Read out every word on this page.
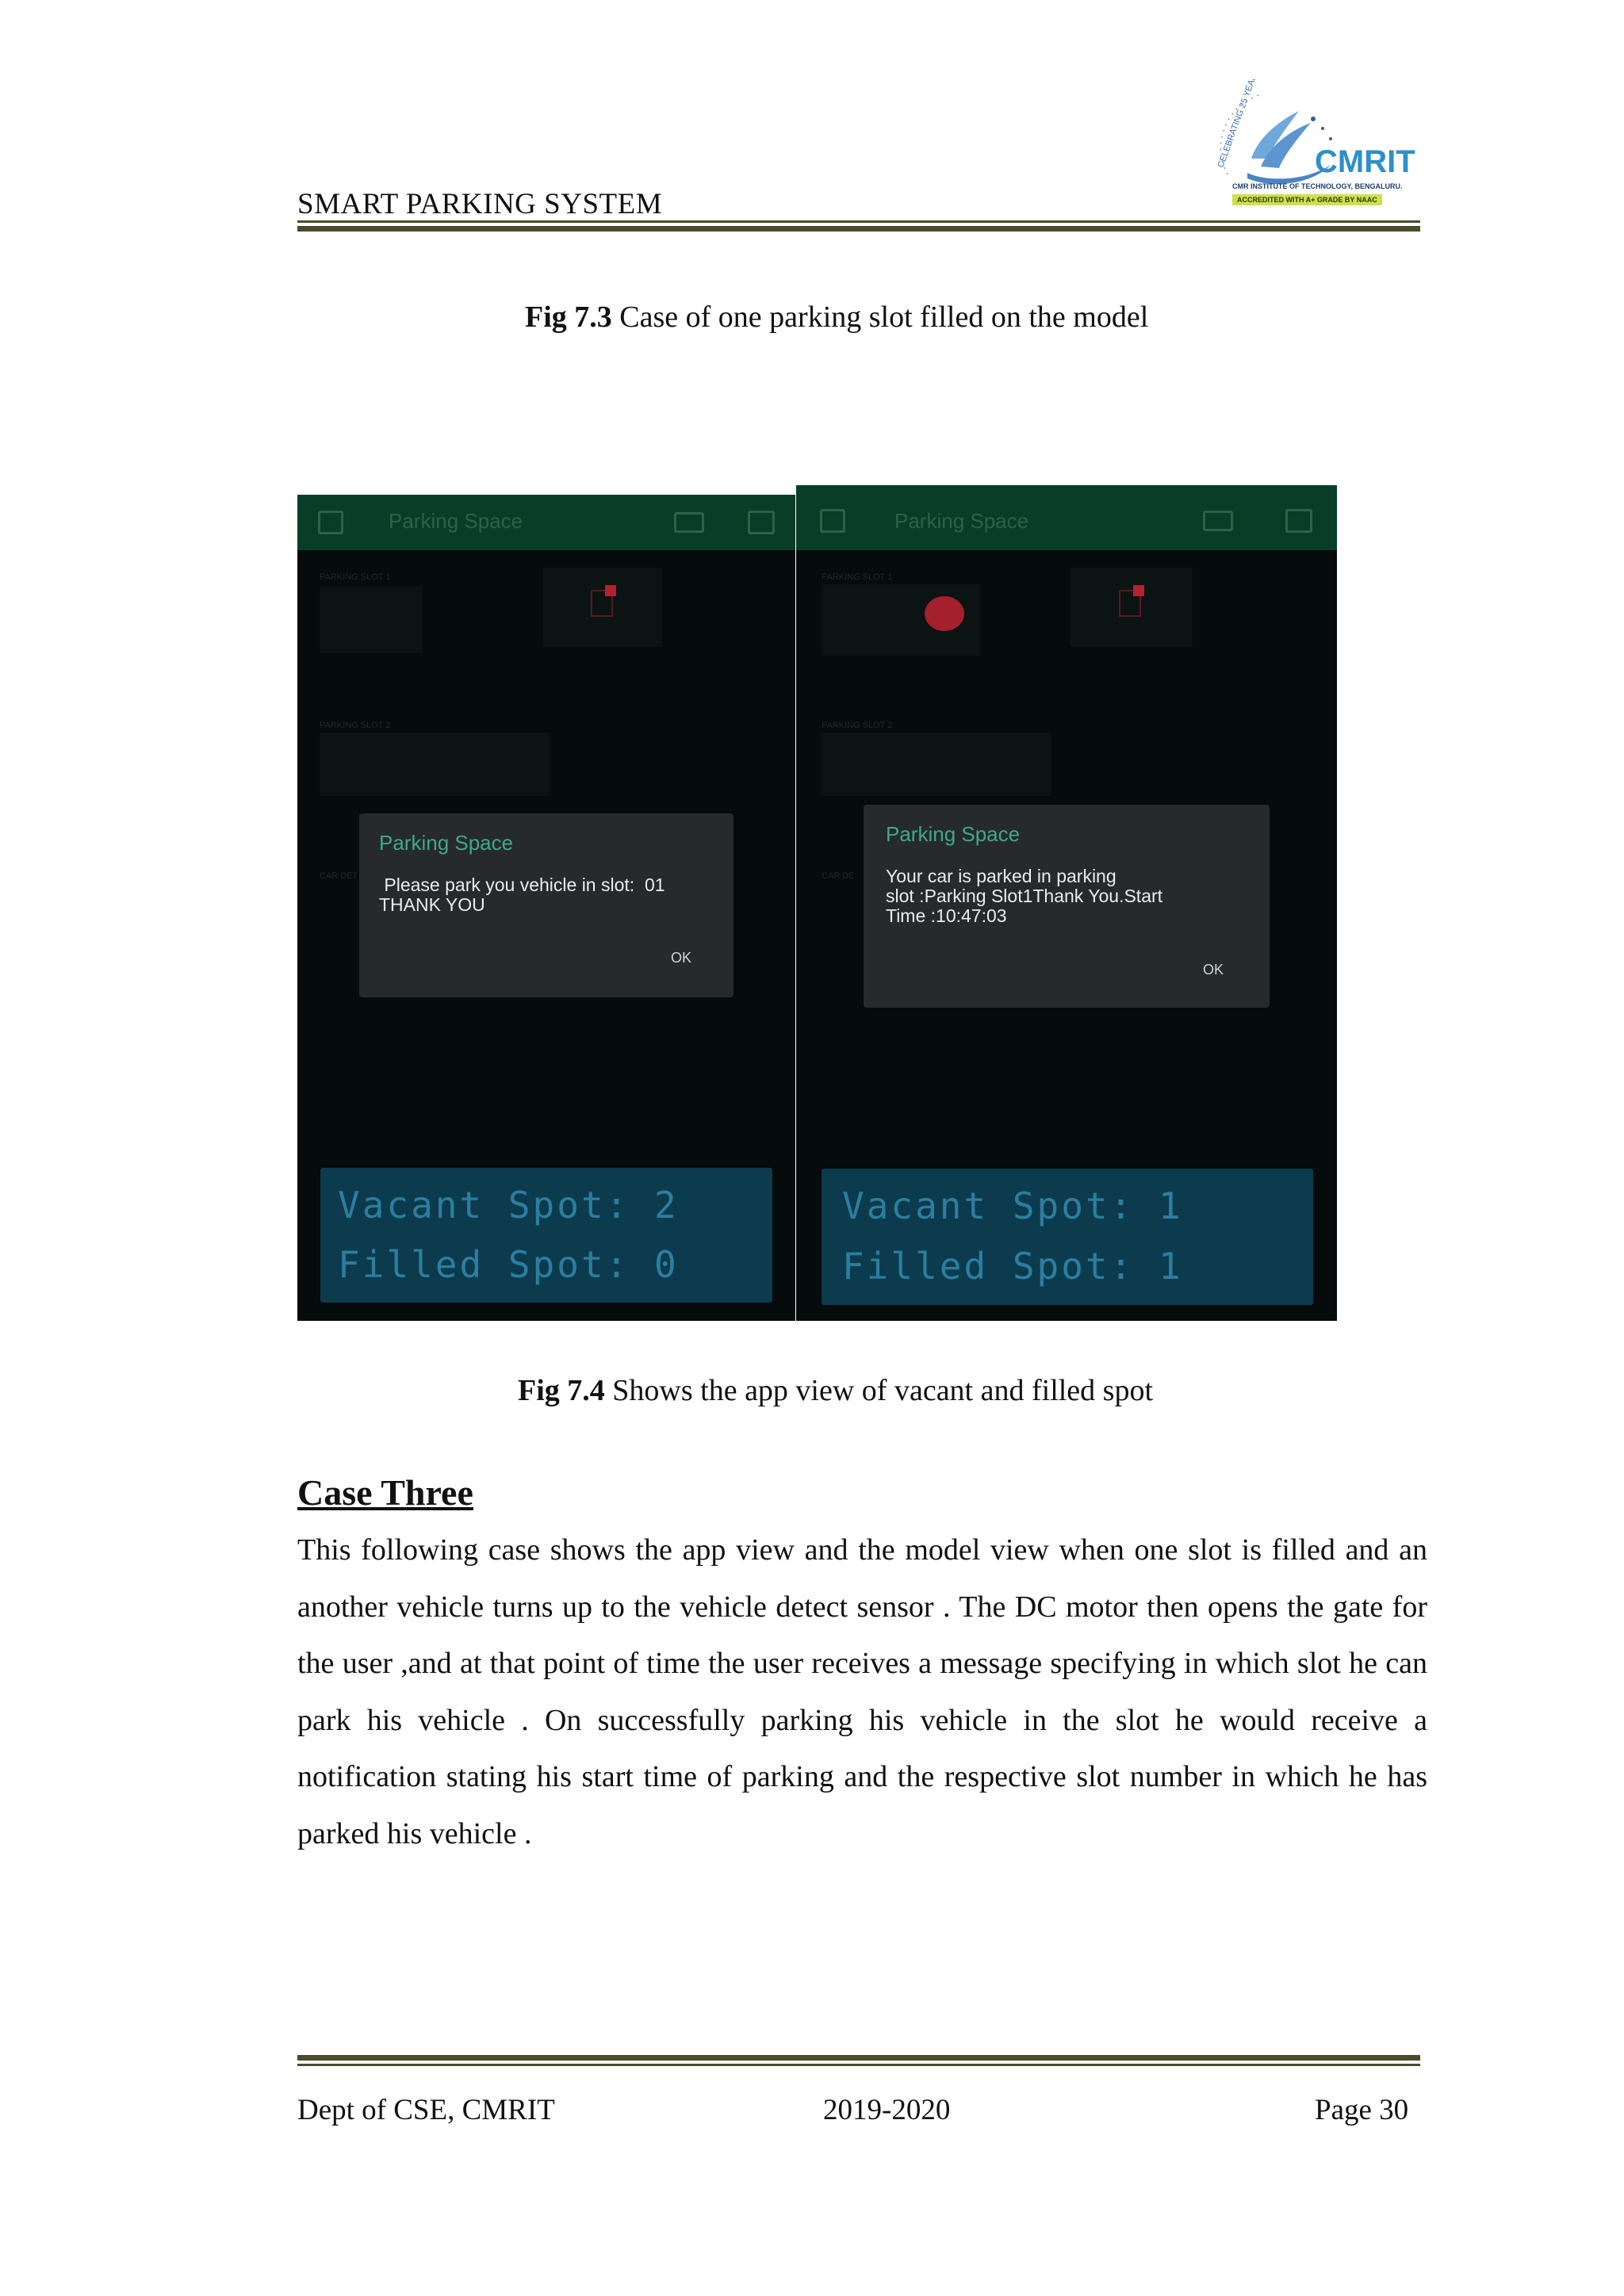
SMART PARKING SYSTEM
CELEBRATING 25 YEARS CMRIT
CMR INSTITUTE OF TECHNOLOGY, BENGALURU.
ACCREDITED WITH A+ GRADE BY NAAC
Fig 7.3 Case of one parking slot filled on the model
Parking Space
PARKING SLOT 1
PARKING SLOT 2
CAR DET
Parking Space
Please park you vehicle in slot:  01
THANK YOU
OK
Vacant Spot: 2
Filled Spot: 0
Parking Space
PARKING SLOT 1
PARKING SLOT 2
CAR DE
Parking Space
Your car is parked in parking
slot :Parking Slot1Thank You.Start
Time :10:47:03
OK
Vacant Spot: 1
Filled Spot: 1
Fig 7.4 Shows the app view of vacant and filled spot
Case Three
This following case shows the app view and the model view when one slot is filled and an another vehicle turns up to the vehicle detect sensor . The DC motor then opens the gate for the user ,and at that point of time the user receives a message specifying in which slot he can park his vehicle . On successfully parking his vehicle in the slot he would receive a notification stating his start time of parking and the respective slot number in which he has parked his vehicle .
Dept of CSE, CMRIT	2019-2020	Page 30
